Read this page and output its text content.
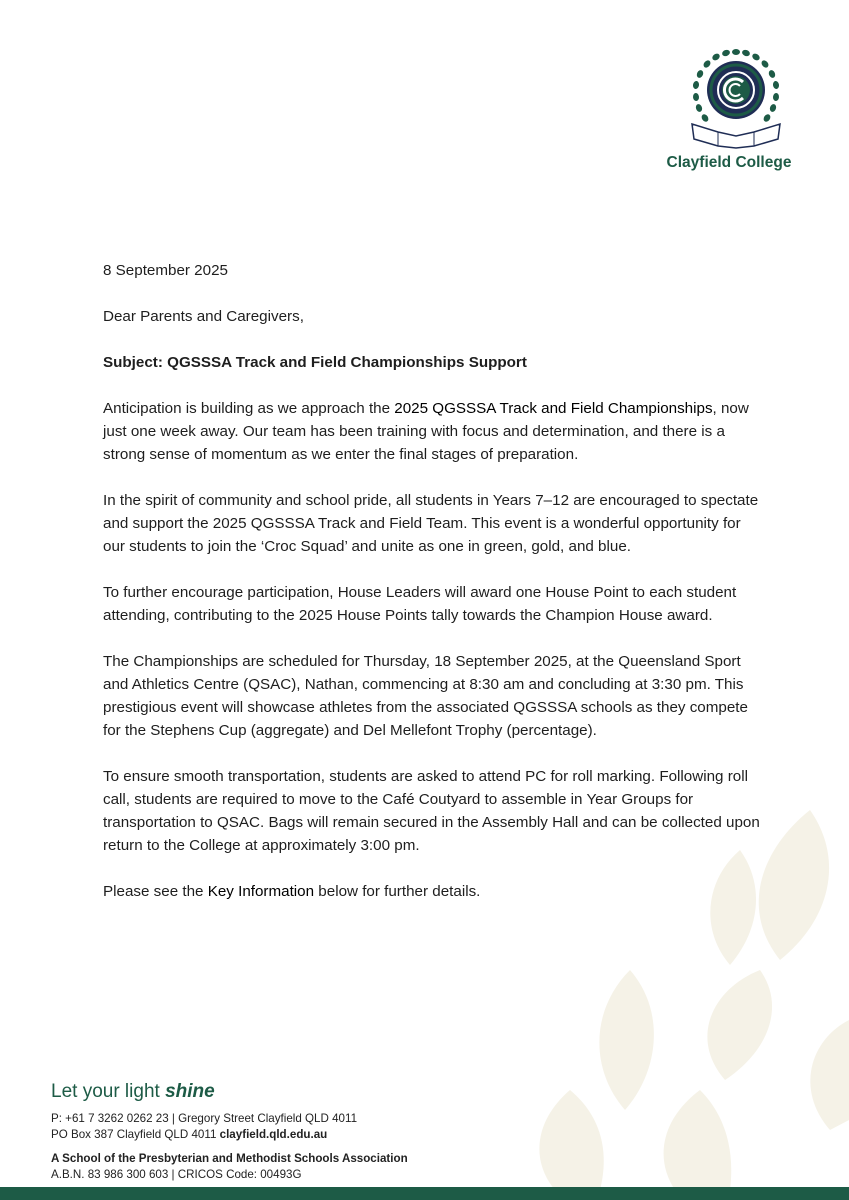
Clayfield College

8 September 2025

Dear Parents and Caregivers,

Subject: QGSSSA Track and Field Championships Support

Anticipation is building as we approach the 2025 QGSSSA Track and Field Championships, now just one week away. Our team has been training with focus and determination, and there is a strong sense of momentum as we enter the final stages of preparation.

In the spirit of community and school pride, all students in Years 7–12 are encouraged to spectate and support the 2025 QGSSSA Track and Field Team. This event is a wonderful opportunity for our students to join the ‘Croc Squad’ and unite as one in green, gold, and blue.

To further encourage participation, House Leaders will award one House Point to each student attending, contributing to the 2025 House Points tally towards the Champion House award.

The Championships are scheduled for Thursday, 18 September 2025, at the Queensland Sport and Athletics Centre (QSAC), Nathan, commencing at 8:30 am and concluding at 3:30 pm. This prestigious event will showcase athletes from the associated QGSSSA schools as they compete for the Stephens Cup (aggregate) and Del Mellefont Trophy (percentage).

To ensure smooth transportation, students are asked to attend PC for roll marking. Following roll call, students are required to move to the Café Coutyard to assemble in Year Groups for transportation to QSAC. Bags will remain secured in the Assembly Hall and can be collected upon return to the College at approximately 3:00 pm.

Please see the Key Information below for further details.

Let your light shine
P: +61 7 3262 0262 23 | Gregory Street Clayfield QLD 4011
PO Box 387 Clayfield QLD 4011 clayfield.qld.edu.au
A School of the Presbyterian and Methodist Schools Association
A.B.N. 83 986 300 603 | CRICOS Code: 00493G
